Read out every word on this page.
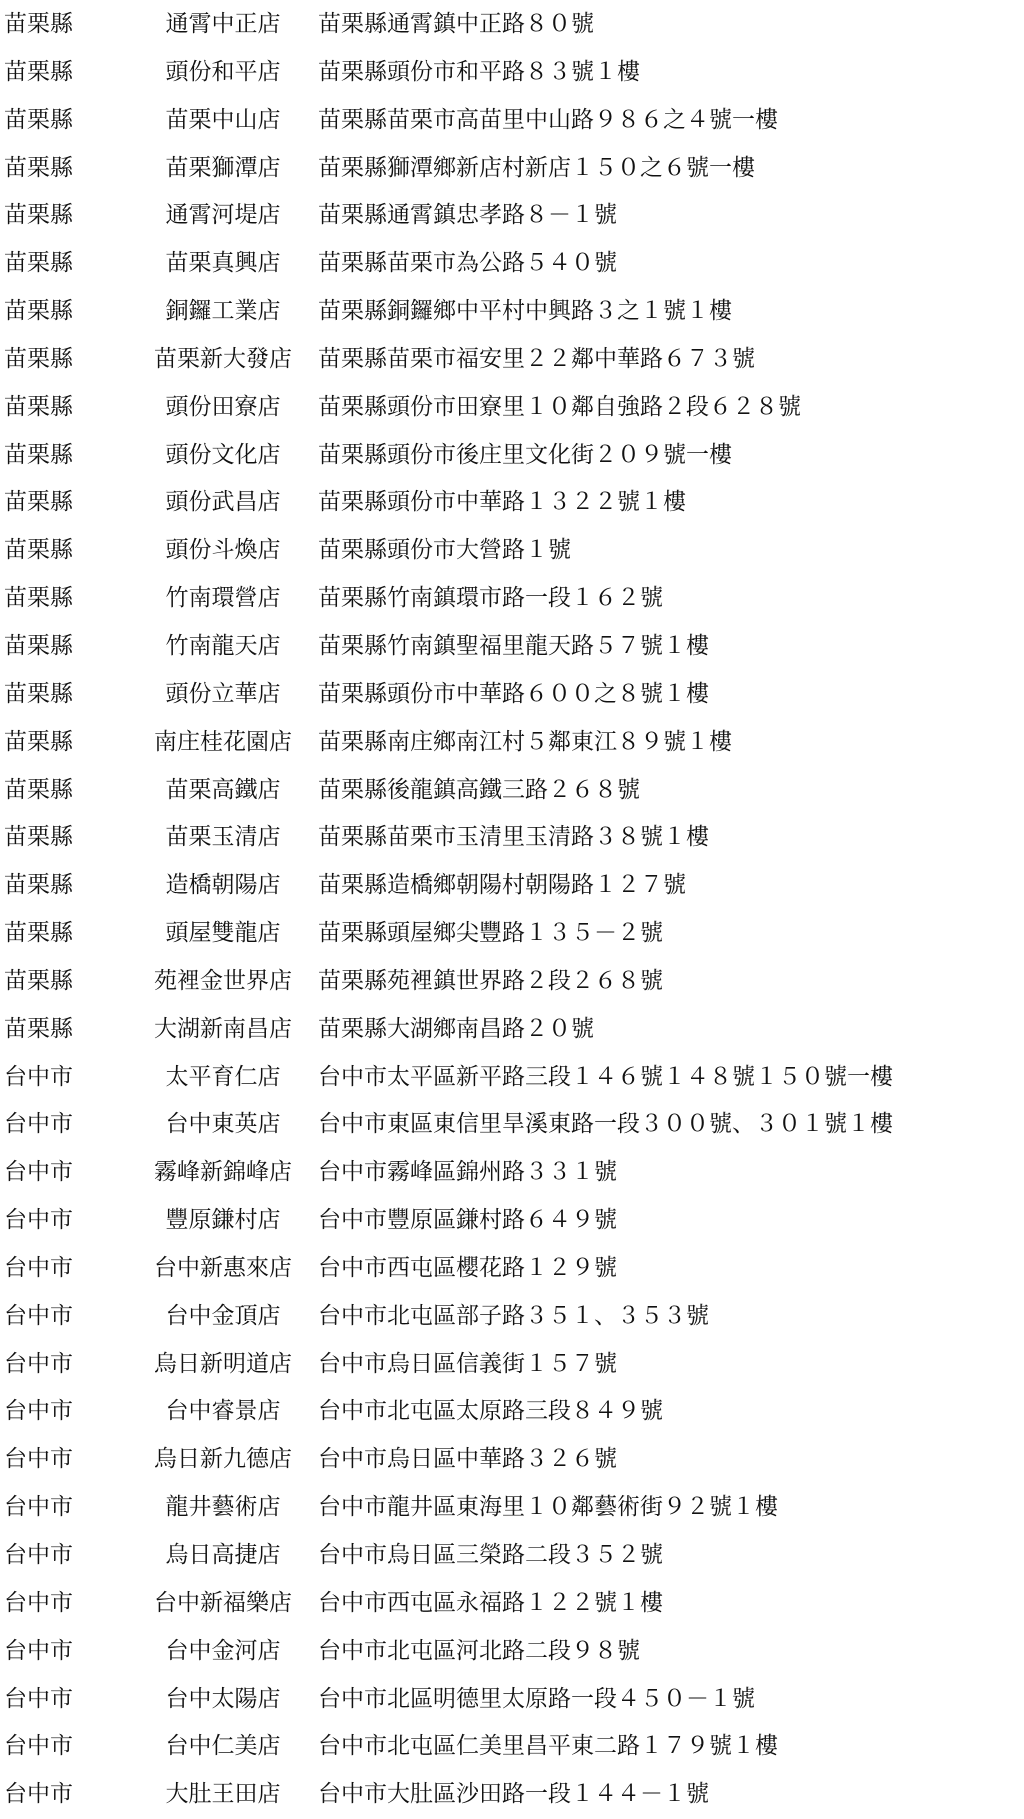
苗栗縣	通霄中正店	苗栗縣通霄鎮中正路８０號
苗栗縣	頭份和平店	苗栗縣頭份市和平路８３號１樓
苗栗縣	苗栗中山店	苗栗縣苗栗市高苗里中山路９８６之４號一樓
苗栗縣	苗栗獅潭店	苗栗縣獅潭鄉新店村新店１５０之６號一樓
苗栗縣	通霄河堤店	苗栗縣通霄鎮忠孝路８－１號
苗栗縣	苗栗真興店	苗栗縣苗栗市為公路５４０號
苗栗縣	銅鑼工業店	苗栗縣銅鑼鄉中平村中興路３之１號１樓
苗栗縣	苗栗新大發店	苗栗縣苗栗市福安里２２鄰中華路６７３號
苗栗縣	頭份田寮店	苗栗縣頭份市田寮里１０鄰自強路２段６２８號
苗栗縣	頭份文化店	苗栗縣頭份市後庄里文化街２０９號一樓
苗栗縣	頭份武昌店	苗栗縣頭份市中華路１３２２號１樓
苗栗縣	頭份斗煥店	苗栗縣頭份市大營路１號
苗栗縣	竹南環營店	苗栗縣竹南鎮環市路一段１６２號
苗栗縣	竹南龍天店	苗栗縣竹南鎮聖福里龍天路５７號１樓
苗栗縣	頭份立華店	苗栗縣頭份市中華路６００之８號１樓
苗栗縣	南庄桂花園店	苗栗縣南庄鄉南江村５鄰東江８９號１樓
苗栗縣	苗栗高鐵店	苗栗縣後龍鎮高鐵三路２６８號
苗栗縣	苗栗玉清店	苗栗縣苗栗市玉清里玉清路３８號１樓
苗栗縣	造橋朝陽店	苗栗縣造橋鄉朝陽村朝陽路１２７號
苗栗縣	頭屋雙龍店	苗栗縣頭屋鄉尖豐路１３５－２號
苗栗縣	苑裡金世界店	苗栗縣苑裡鎮世界路２段２６８號
苗栗縣	大湖新南昌店	苗栗縣大湖鄉南昌路２０號
台中市	太平育仁店	台中市太平區新平路三段１４６號１４８號１５０號一樓
台中市	台中東英店	台中市東區東信里旱溪東路一段３００號、３０１號１樓
台中市	霧峰新錦峰店	台中市霧峰區錦州路３３１號
台中市	豐原鎌村店	台中市豐原區鎌村路６４９號
台中市	台中新惠來店	台中市西屯區櫻花路１２９號
台中市	台中金頂店	台中市北屯區部子路３５１、３５３號
台中市	烏日新明道店	台中市烏日區信義街１５７號
台中市	台中睿景店	台中市北屯區太原路三段８４９號
台中市	烏日新九德店	台中市烏日區中華路３２６號
台中市	龍井藝術店	台中市龍井區東海里１０鄰藝術街９２號１樓
台中市	烏日高捷店	台中市烏日區三榮路二段３５２號
台中市	台中新福樂店	台中市西屯區永福路１２２號１樓
台中市	台中金河店	台中市北屯區河北路二段９８號
台中市	台中太陽店	台中市北區明德里太原路一段４５０－１號
台中市	台中仁美店	台中市北屯區仁美里昌平東二路１７９號１樓
台中市	大肚王田店	台中市大肚區沙田路一段１４４－１號
